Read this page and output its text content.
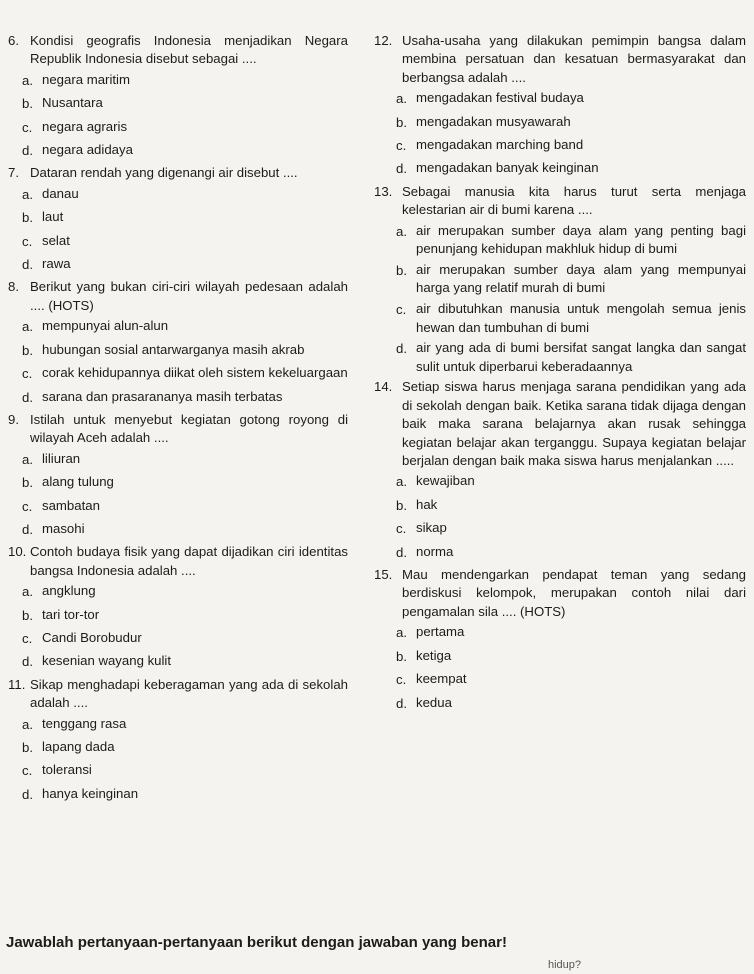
6. Kondisi geografis Indonesia menjadikan Negara Republik Indonesia disebut sebagai ....
a. negara maritim
b. Nusantara
c. negara agraris
d. negara adidaya
7. Dataran rendah yang digenangi air disebut ....
a. danau
b. laut
c. selat
d. rawa
8. Berikut yang bukan ciri-ciri wilayah pedesaan adalah .... (HOTS)
a. mempunyai alun-alun
b. hubungan sosial antarwarganya masih akrab
c. corak kehidupannya diikat oleh sistem kekeluargaan
d. sarana dan prasarananya masih terbatas
9. Istilah untuk menyebut kegiatan gotong royong di wilayah Aceh adalah ....
a. liliuran
b. alang tulung
c. sambatan
d. masohi
10. Contoh budaya fisik yang dapat dijadikan ciri identitas bangsa Indonesia adalah ....
a. angklung
b. tari tor-tor
c. Candi Borobudur
d. kesenian wayang kulit
11. Sikap menghadapi keberagaman yang ada di sekolah adalah ....
a. tenggang rasa
b. lapang dada
c. toleransi
d. hanya keinginan
12. Usaha-usaha yang dilakukan pemimpin bangsa dalam membina persatuan dan kesatuan bermasyarakat dan berbangsa adalah ....
a. mengadakan festival budaya
b. mengadakan musyawarah
c. mengadakan marching band
d. mengadakan banyak keinginan
13. Sebagai manusia kita harus turut serta menjaga kelestarian air di bumi karena ....
a. air merupakan sumber daya alam yang penting bagi penunjang kehidupan makhluk hidup di bumi
b. air merupakan sumber daya alam yang mempunyai harga yang relatif murah di bumi
c. air dibutuhkan manusia untuk mengolah semua jenis hewan dan tumbuhan di bumi
d. air yang ada di bumi bersifat sangat langka dan sangat sulit untuk diperbarui keberadaannya
14. Setiap siswa harus menjaga sarana pendidikan yang ada di sekolah dengan baik. Ketika sarana tidak dijaga dengan baik maka sarana belajarnya akan rusak sehingga kegiatan belajar akan terganggu. Supaya kegiatan belajar berjalan dengan baik maka siswa harus menjalankan .....
a. kewajiban
b. hak
c. sikap
d. norma
15. Mau mendengarkan pendapat teman yang sedang berdiskusi kelompok, merupakan contoh nilai dari pengamalan sila .... (HOTS)
a. pertama
b. ketiga
c. keempat
d. kedua
Jawablah pertanyaan-pertanyaan berikut dengan jawaban yang benar!
hidup?
